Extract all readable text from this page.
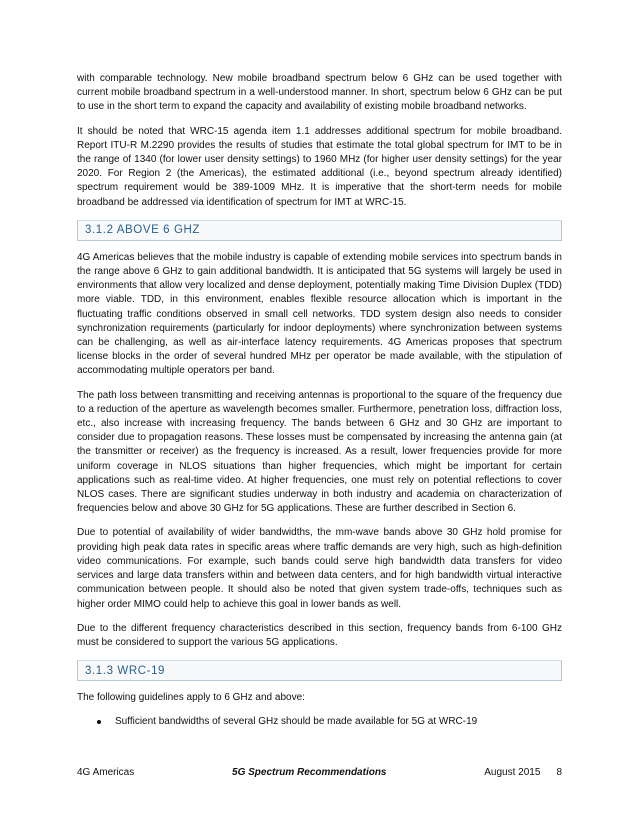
with comparable technology. New mobile broadband spectrum below 6 GHz can be used together with current mobile broadband spectrum in a well-understood manner. In short, spectrum below 6 GHz can be put to use in the short term to expand the capacity and availability of existing mobile broadband networks.

It should be noted that WRC-15 agenda item 1.1 addresses additional spectrum for mobile broadband. Report ITU-R M.2290 provides the results of studies that estimate the total global spectrum for IMT to be in the range of 1340 (for lower user density settings) to 1960 MHz (for higher user density settings) for the year 2020. For Region 2 (the Americas), the estimated additional (i.e., beyond spectrum already identified) spectrum requirement would be 389-1009 MHz. It is imperative that the short-term needs for mobile broadband be addressed via identification of spectrum for IMT at WRC-15.

3.1.2 ABOVE 6 GHZ

4G Americas believes that the mobile industry is capable of extending mobile services into spectrum bands in the range above 6 GHz to gain additional bandwidth. It is anticipated that 5G systems will largely be used in environments that allow very localized and dense deployment, potentially making Time Division Duplex (TDD) more viable. TDD, in this environment, enables flexible resource allocation which is important in the fluctuating traffic conditions observed in small cell networks. TDD system design also needs to consider synchronization requirements (particularly for indoor deployments) where synchronization between systems can be challenging, as well as air-interface latency requirements. 4G Americas proposes that spectrum license blocks in the order of several hundred MHz per operator be made available, with the stipulation of accommodating multiple operators per band.

The path loss between transmitting and receiving antennas is proportional to the square of the frequency due to a reduction of the aperture as wavelength becomes smaller. Furthermore, penetration loss, diffraction loss, etc., also increase with increasing frequency. The bands between 6 GHz and 30 GHz are important to consider due to propagation reasons. These losses must be compensated by increasing the antenna gain (at the transmitter or receiver) as the frequency is increased. As a result, lower frequencies provide for more uniform coverage in NLOS situations than higher frequencies, which might be important for certain applications such as real-time video. At higher frequencies, one must rely on potential reflections to cover NLOS cases. There are significant studies underway in both industry and academia on characterization of frequencies below and above 30 GHz for 5G applications. These are further described in Section 6.

Due to potential of availability of wider bandwidths, the mm-wave bands above 30 GHz hold promise for providing high peak data rates in specific areas where traffic demands are very high, such as high-definition video communications. For example, such bands could serve high bandwidth data transfers for video services and large data transfers within and between data centers, and for high bandwidth virtual interactive communication between people. It should also be noted that given system trade-offs, techniques such as higher order MIMO could help to achieve this goal in lower bands as well.

Due to the different frequency characteristics described in this section, frequency bands from 6-100 GHz must be considered to support the various 5G applications.

3.1.3 WRC-19

The following guidelines apply to 6 GHz and above:

Sufficient bandwidths of several GHz should be made available for 5G at WRC-19
4G Americas	5G Spectrum Recommendations	August 2015 8
